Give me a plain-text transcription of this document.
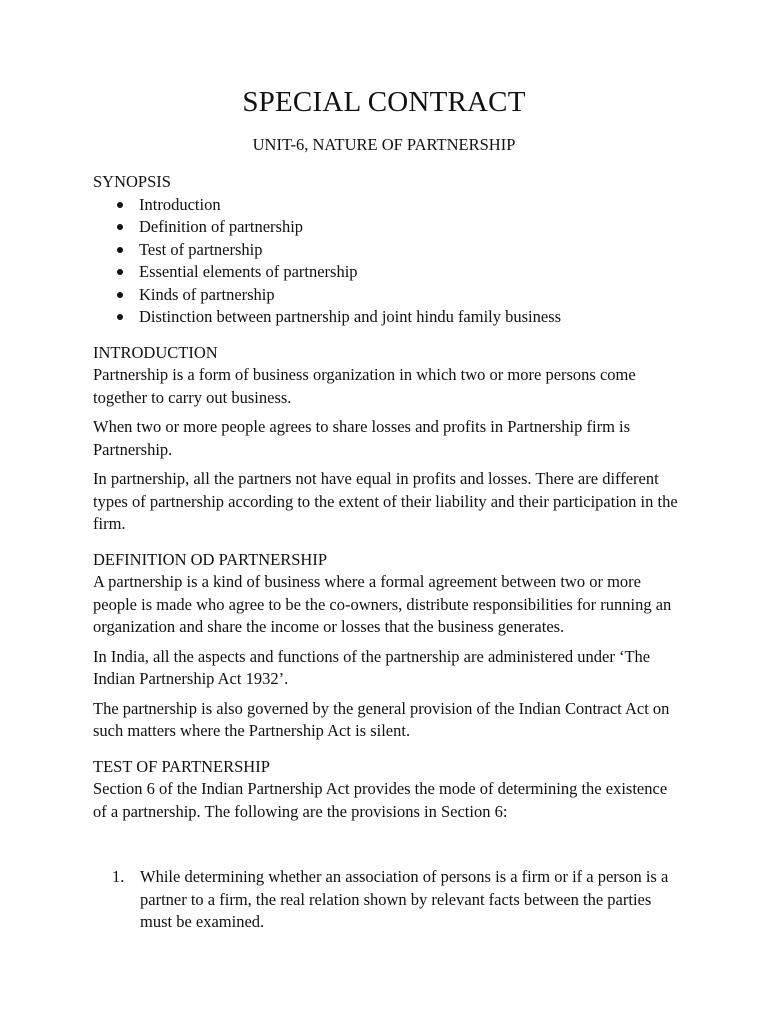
SPECIAL CONTRACT
UNIT-6, NATURE OF PARTNERSHIP
SYNOPSIS
Introduction
Definition of partnership
Test of partnership
Essential elements of partnership
Kinds of partnership
Distinction between partnership and joint hindu family business
INTRODUCTION

Partnership is a form of business organization in which two or more persons come together to carry out business.

When two or more people agrees to share losses and profits in Partnership firm is Partnership.

In partnership, all the partners not have equal in profits and losses. There are different types of partnership according to the extent of their liability and their participation in the firm.

DEFINITION OD PARTNERSHIP

A partnership is a kind of business where a formal agreement between two or more people is made who agree to be the co-owners, distribute responsibilities for running an organization and share the income or losses that the business generates.

In India, all the aspects and functions of the partnership are administered under ‘The Indian Partnership Act 1932’.

The partnership is also governed by the general provision of the Indian Contract Act on such matters where the Partnership Act is silent.

TEST OF PARTNERSHIP

Section 6 of the Indian Partnership Act provides the mode of determining the existence of a partnership. The following are the provisions in Section 6:

1. While determining whether an association of persons is a firm or if a person is a partner to a firm, the real relation shown by relevant facts between the parties must be examined.
